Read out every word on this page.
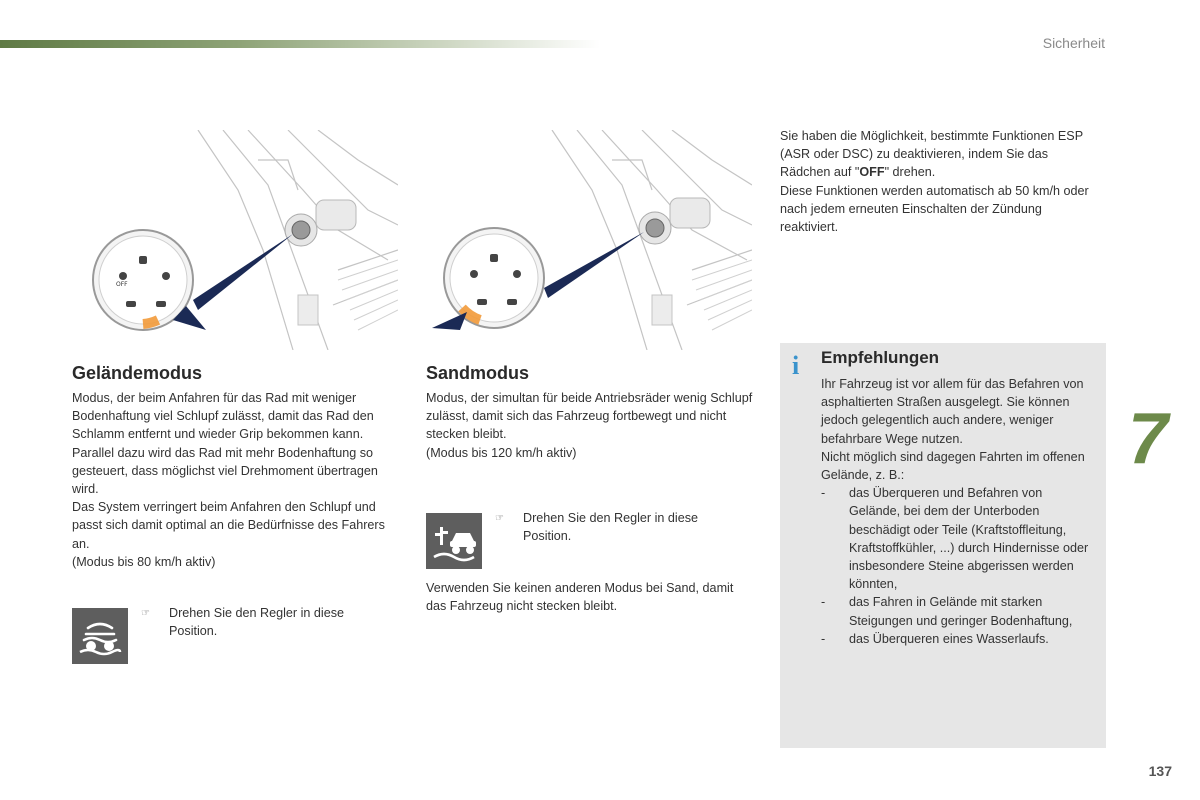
Sicherheit
OFF

Sie haben die Möglichkeit, bestimmte Funktionen ESP (ASR oder DSC) zu deaktivieren, indem Sie das Rädchen auf "OFF" drehen.

Diese Funktionen werden automatisch ab 50 km/h oder nach jedem erneuten Einschalten der Zündung reaktiviert.

Geländemodus

Modus, der beim Anfahren für das Rad mit weniger Bodenhaftung viel Schlupf zulässt, damit das Rad den Schlamm entfernt und wieder Grip bekommen kann.

Parallel dazu wird das Rad mit mehr Bodenhaftung so gesteuert, dass möglichst viel Drehmoment übertragen wird.

Das System verringert beim Anfahren den Schlupf und passt sich damit optimal an die Bedürfnisse des Fahrers an.

(Modus bis 80 km/h aktiv)

☞ Drehen Sie den Regler in diese Position.
Sandmodus

Modus, der simultan für beide Antriebsräder wenig Schlupf zulässt, damit sich das Fahrzeug fortbewegt und nicht stecken bleibt.

(Modus bis 120 km/h aktiv)

☞ Drehen Sie den Regler in diese Position.
Verwenden Sie keinen anderen Modus bei Sand, damit das Fahrzeug nicht stecken bleibt.
i Empfehlungen

Ihr Fahrzeug ist vor allem für das Befahren von asphaltierten Straßen ausgelegt. Sie können jedoch gelegentlich auch andere, weniger befahrbare Wege nutzen.

Nicht möglich sind dagegen Fahrten im offenen Gelände, z. B.:

- das Überqueren und Befahren von Gelände, bei dem der Unterboden beschädigt oder Teile (Kraftstoffleitung, Kraftstoffkühler, ...) durch Hindernisse oder insbesondere Steine abgerissen werden könnten,
- das Fahren in Gelände mit starken Steigungen und geringer Bodenhaftung,
- das Überqueren eines Wasserlaufs.
7
137
